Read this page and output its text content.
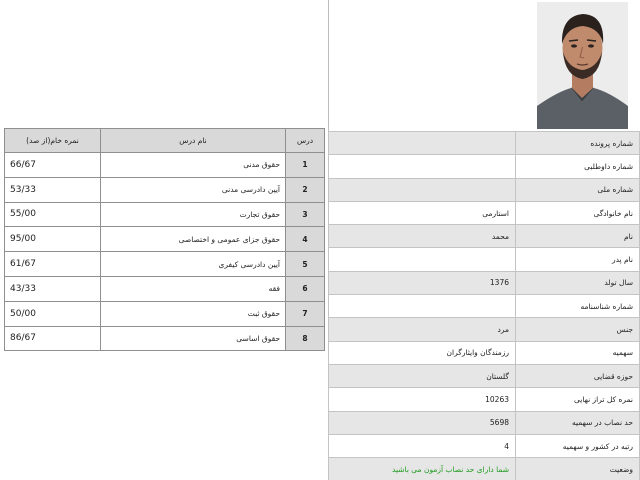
	شماره پرونده
	شماره داوطلبی
	شماره ملی
استارمی	نام خانوادگی
محمد	نام
	نام پدر
1376	سال تولد
	شماره شناسنامه
مرد	جنس
رزمندگان وایثارگران	سهمیه
گلستان	حوزه قضایی
10263	نمره کل تراز نهایی
5698	حد نصاب در سهمیه
4	رتبه در کشور و سهمیه
شما دارای حد نصاب آزمون می باشید	وضعیت
نمره خام(از صد)	نام درس	درس
66/67	حقوق مدنی	1
53/33	آیین دادرسی مدنی	2
55/00	حقوق تجارت	3
95/00	حقوق جزای عمومی و اختصاصی	4
61/67	آیین دادرسی کیفری	5
43/33	فقه	6
50/00	حقوق ثبت	7
86/67	حقوق اساسی	8
